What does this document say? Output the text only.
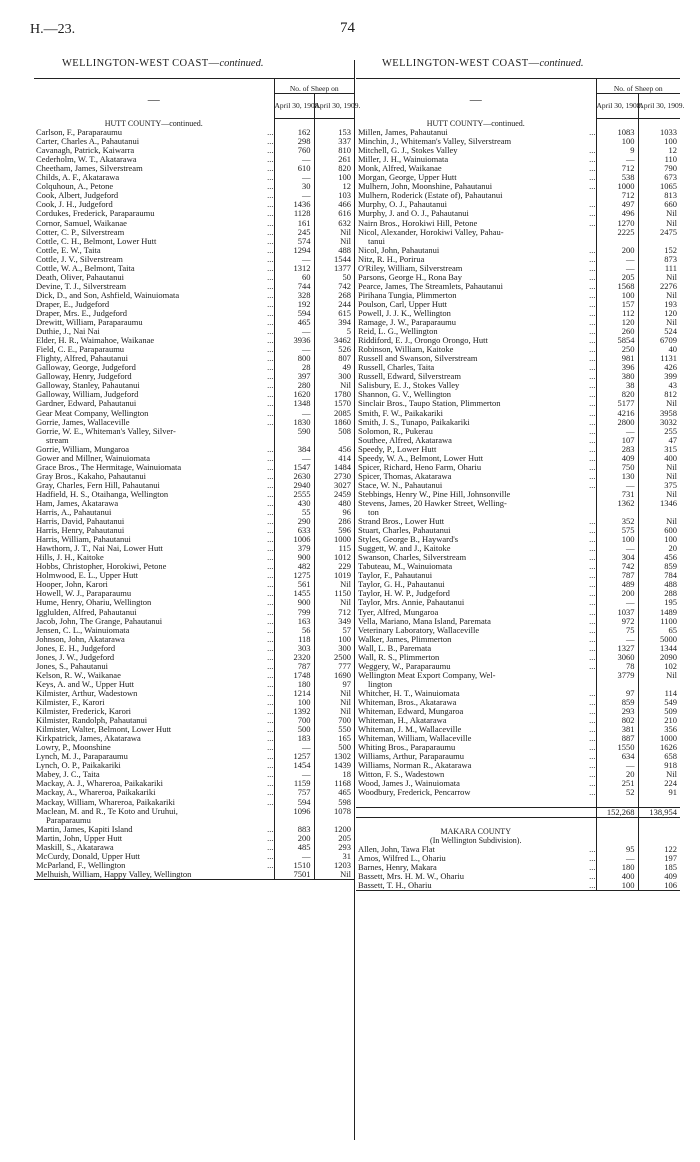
H.—23.	74
WELLINGTON-WEST COAST—continued.	WELLINGTON-WEST COAST—continued.
—	No. of Sheep on	
	April 30, 1908.	April 30, 1909.
HUTT COUNTY—continued.		
Carlson, F., Paraparaumu ...	162	153
Carter, Charles A., Pahautanui ...	298	337
Cavanagh, Patrick, Kaiwarra ...	760	810
Cederholm, W. T., Akatarawa ...	—	261
Cheetham, James, Silverstream ...	610	820
Childs, A. F., Akatarawa ...	—	100
Colquhoun, A., Petone ...	30	12
Cook, Albert, Judgeford ...	—	103
Cook, J. H., Judgeford ...	1436	466
Cordukes, Frederick, Paraparaumu ...	1128	616
Cornor, Samuel, Waikanae ...	161	632
Cotter, C. P., Silverstream ...	245	Nil
Cottle, C. H., Belmont, Lower Hutt ...	574	Nil
Cottle, E. W., Taita ...	1294	488
Cottle, J. V., Silverstream ...	—	1544
Cottle, W. A., Belmont, Taita ...	1312	1377
Death, Oliver, Pahautanui ...	60	50
Devine, T. J., Silverstream ...	744	742
Dick, D., and Son, Ashfield, Wainuiomata ...	328	268
Draper, E., Judgeford ...	192	244
Draper, Mrs. E., Judgeford ...	594	615
Drewitt, William, Paraparaumu ...	465	394
Duthie, J., Nai Nai ...	—	5
Elder, H. R., Waimahoe, Waikanae ...	3936	3462
Field, C. E., Paraparaumu ...	—	526
Flighty, Alfred, Pahautanui ...	800	807
Galloway, George, Judgeford ...	28	49
Galloway, Henry, Judgeford ...	397	300
Galloway, Stanley, Pahautanui ...	280	Nil
Galloway, William, Judgeford ...	1620	1780
Gardner, Edward, Pahautanui ...	1348	1570
Gear Meat Company, Wellington ...	—	2085
Gorrie, James, Wallaceville ...	1830	1860
Gorrie, W. E., Whiteman's Valley, Silver-	590	508
stream		
Gorrie, William, Mungaroa ...	384	456
Gower and Millner, Wainuiomata ...	—	414
Grace Bros., The Hermitage, Wainuiomata ...	1547	1484
Gray Bros., Kakaho, Pahautanui ...	2630	2730
Gray, Charles, Fern Hill, Pahautanui ...	2940	3027
Hadfield, H. S., Otaihanga, Wellington ...	2555	2459
Ham, James, Akatarawa ...	430	480
Harris, A., Pahautanui ...	55	96
Harris, David, Pahautanui ...	290	286
Harris, Henry, Pahautanui ...	633	596
Harris, William, Pahautanui ...	1006	1000
Hawthorn, J. T., Nai Nai, Lower Hutt ...	379	115
Hills, J. H., Kaitoke ...	900	1012
Hobbs, Christopher, Horokiwi, Petone ...	482	229
Holmwood, E. L., Upper Hutt ...	1275	1019
Hooper, John, Karori ...	561	Nil
Howell, W. J., Paraparaumu ...	1455	1150
Hume, Henry, Ohariu, Wellington ...	900	Nil
Igglulden, Alfred, Pahautanui ...	799	712
Jacob, John, The Grange, Pahautanui ...	163	349
Jensen, C. L., Wainuiomata ...	56	57
Johnson, John, Akatarawa ...	118	100
Jones, E. H., Judgeford ...	303	300
Jones, J. W., Judgeford ...	2320	2500
Jones, S., Pahautanui ...	787	777
Kelson, R. W., Waikanae ...	1748	1690
Keys, A. and W., Upper Hutt ...	180	97
Kilmister, Arthur, Wadestown ...	1214	Nil
Kilmister, F., Karori ...	100	Nil
Kilmister, Frederick, Karori ...	1392	Nil
Kilmister, Randolph, Pahautanui ...	700	700
Kilmister, Walter, Belmont, Lower Hutt ...	500	550
Kirkpatrick, James, Akatarawa ...	183	165
Lowry, P., Moonshine ...	—	500
Lynch, M. J., Paraparaumu ...	1257	1302
Lynch, O. P., Paikakariki ...	1454	1439
Mabey, J. C., Taita ...	—	18
Mackay, A. J., Whareroa, Paikakariki ...	1159	1168
Mackay, A., Whareroa, Paikakariki ...	757	465
Mackay, William, Whareroa, Paikakariki ...	594	598
Maclean, M. and R., Te Koto and Uruhui,	1096	1078
Paraparaumu		
Martin, James, Kapiti Island ...	883	1200
Martin, John, Upper Hutt ...	200	205
Maskill, S., Akatarawa ...	485	293
McCurdy, Donald, Upper Hutt ...	—	31
McParland, F., Wellington ...	1510	1203
Melhuish, William, Happy Valley, Wellington	7501	Nil
—	No. of Sheep on	
	April 30, 1908.	April 30, 1909.
HUTT COUNTY—continued.		
Millen, James, Pahautanui ...	1083	1033
Minchin, J., Whiteman's Valley, Silverstream	100	100
Mitchell, G. J., Stokes Valley ...	9	12
Miller, J. H., Wainuiomata ...	—	110
Monk, Alfred, Waikanae ...	712	790
Morgan, George, Upper Hutt ...	538	673
Mulhern, John, Moonshine, Pahautanui ...	1000	1065
Mulhern, Roderick (Estate of), Pahautanui	712	813
Murphy, O. J., Pahautanui ...	497	660
Murphy, J. and O. J., Pahautanui ...	496	Nil
Nairn Bros., Horokiwi Hill, Petone ...	1270	Nil
Nicol, Alexander, Horokiwi Valley, Pahau-	2225	2475
tanui		
Nicol, John, Pahautanui ...	200	152
Nitz, R. H., Porirua ...	—	873
O'Riley, William, Silverstream ...	—	111
Parsons, George H., Rona Bay ...	205	Nil
Pearce, James, The Streamlets, Pahautanui ...	1568	2276
Pirihana Tungia, Plimmerton ...	100	Nil
Poulson, Carl, Upper Hutt ...	157	193
Powell, J. J. K., Wellington ...	112	120
Ramage, J. W., Paraparaumu ...	120	Nil
Reid, L. G., Wellington ...	260	524
Riddiford, E. J., Orongo Orongo, Hutt ...	5854	6709
Robinson, William, Kaitoke ...	250	40
Russell and Swanson, Silverstream ...	981	1131
Russell, Charles, Taita ...	396	426
Russell, Edward, Silverstream ...	380	399
Salisbury, E. J., Stokes Valley ...	38	43
Shannon, G. V., Wellington ...	820	812
Sinclair Bros., Taupo Station, Plimmerton ...	5177	Nil
Smith, F. W., Paikakariki ...	4216	3958
Smith, J. S., Tunapo, Paikakariki ...	2800	3032
Solomon, R., Pukerau ...	—	255
Southee, Alfred, Akatarawa ...	107	47
Speedy, P., Lower Hutt ...	283	315
Speedy, W. A., Belmont, Lower Hutt ...	409	400
Spicer, Richard, Heno Farm, Ohariu ...	750	Nil
Spicer, Thomas, Akatarawa ...	130	Nil
Stace, W. N., Pahautanui ...	—	375
Stebbings, Henry W., Pine Hill, Johnsonville	731	Nil
Stevens, James, 20 Hawker Street, Welling-	1362	1346
ton		
Strand Bros., Lower Hutt ...	352	Nil
Stuart, Charles, Pahautanui ...	575	600
Styles, George B., Hayward's ...	100	100
Suggett, W. and J., Kaitoke ...	—	20
Swanson, Charles, Silverstream ...	304	456
Tabuteau, M., Wainuiomata ...	742	859
Taylor, F., Pahautanui ...	787	784
Taylor, G. H., Pahautanui ...	489	488
Taylor, H. W. P., Judgeford ...	200	288
Taylor, Mrs. Annie, Pahautanui ...	—	195
Tyer, Alfred, Mungaroa ...	1037	1489
Vella, Mariano, Mana Island, Paremata ...	972	1100
Veterinary Laboratory, Wallaceville ...	75	65
Walker, James, Plimmerton ...	—	5000
Wall, L. B., Paremata ...	1327	1344
Wall, R. S., Plimmerton ...	3060	2090
Weggery, W., Paraparaumu ...	78	102
Wellington Meat Export Company, Wel-	3779	Nil
lington		
Whitcher, H. T., Wainuiomata ...	97	114
Whiteman, Bros., Akatarawa ...	859	549
Whiteman, Edward, Mungaroa ...	293	509
Whiteman, H., Akatarawa ...	802	210
Whiteman, J. M., Wallaceville ...	381	356
Whiteman, William, Wallaceville ...	887	1000
Whiting Bros., Paraparaumu ...	1550	1626
Williams, Arthur, Paraparaumu ...	634	658
Williams, Norman R., Akatarawa ...	—	918
Witton, F. S., Wadestown ...	20	Nil
Wood, James J., Wainuiomata ...	251	224
Woodbury, Frederick, Pencarrow ...	52	91

	152,268	138,954

MAKARA COUNTY		
(In Wellington Subdivision).		
Allen, John, Tawa Flat ...	95	122
Amos, Wilfred L., Ohariu ...	—	197
Barnes, Henry, Makara ...	180	185
Bassett, Mrs. H. M. W., Ohariu ...	400	409
Bassett, T. H., Ohariu ...	100	106
